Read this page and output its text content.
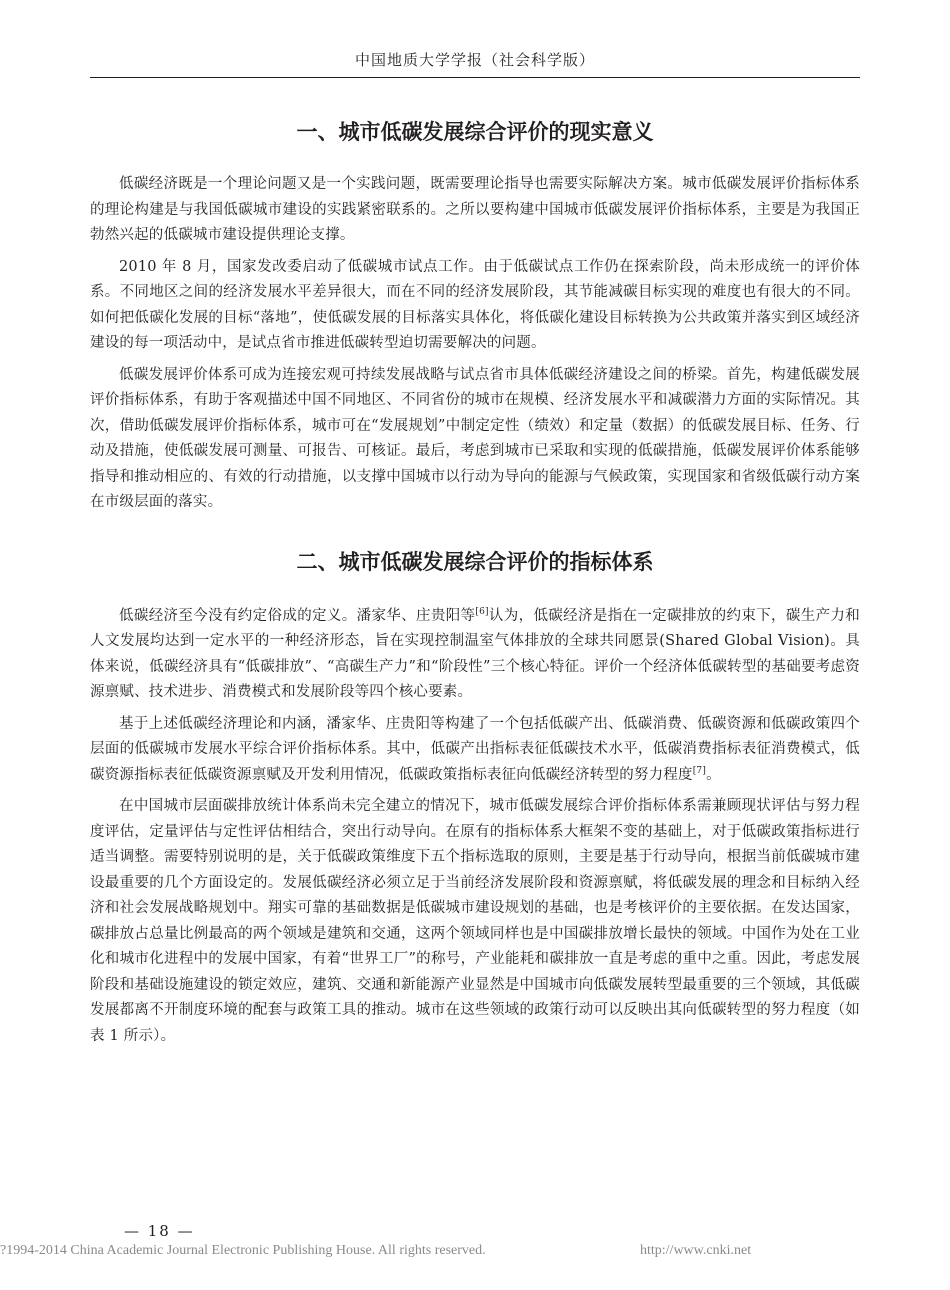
中国地质大学学报（社会科学版）
一、城市低碳发展综合评价的现实意义

低碳经济既是一个理论问题又是一个实践问题，既需要理论指导也需要实际解决方案。城市低碳发展评价指标体系的理论构建是与我国低碳城市建设的实践紧密联系的。之所以要构建中国城市低碳发展评价指标体系，主要是为我国正勃然兴起的低碳城市建设提供理论支撑。

2010 年 8 月，国家发改委启动了低碳城市试点工作。由于低碳试点工作仍在探索阶段，尚未形成统一的评价体系。不同地区之间的经济发展水平差异很大，而在不同的经济发展阶段，其节能减碳目标实现的难度也有很大的不同。如何把低碳化发展的目标“落地”，使低碳发展的目标落实具体化，将低碳化建设目标转换为公共政策并落实到区域经济建设的每一项活动中，是试点省市推进低碳转型迫切需要解决的问题。

低碳发展评价体系可成为连接宏观可持续发展战略与试点省市具体低碳经济建设之间的桥梁。首先，构建低碳发展评价指标体系，有助于客观描述中国不同地区、不同省份的城市在规模、经济发展水平和减碳潜力方面的实际情况。其次，借助低碳发展评价指标体系，城市可在“发展规划”中制定定性（绩效）和定量（数据）的低碳发展目标、任务、行动及措施，使低碳发展可测量、可报告、可核证。最后，考虑到城市已采取和实现的低碳措施，低碳发展评价体系能够指导和推动相应的、有效的行动措施，以支撑中国城市以行动为导向的能源与气候政策，实现国家和省级低碳行动方案在市级层面的落实。

二、城市低碳发展综合评价的指标体系

低碳经济至今没有约定俗成的定义。潘家华、庄贵阳等[6]认为，低碳经济是指在一定碳排放的约束下，碳生产力和人文发展均达到一定水平的一种经济形态，旨在实现控制温室气体排放的全球共同愿景(Shared Global Vision)。具体来说，低碳经济具有“低碳排放”、“高碳生产力”和“阶段性”三个核心特征。评价一个经济体低碳转型的基础要考虑资源禀赋、技术进步、消费模式和发展阶段等四个核心要素。

基于上述低碳经济理论和内涵，潘家华、庄贵阳等构建了一个包括低碳产出、低碳消费、低碳资源和低碳政策四个层面的低碳城市发展水平综合评价指标体系。其中，低碳产出指标表征低碳技术水平，低碳消费指标表征消费模式，低碳资源指标表征低碳资源禀赋及开发利用情况，低碳政策指标表征向低碳经济转型的努力程度[7]。

在中国城市层面碳排放统计体系尚未完全建立的情况下，城市低碳发展综合评价指标体系需兼顾现状评估与努力程度评估，定量评估与定性评估相结合，突出行动导向。在原有的指标体系大框架不变的基础上，对于低碳政策指标进行适当调整。需要特别说明的是，关于低碳政策维度下五个指标选取的原则，主要是基于行动导向，根据当前低碳城市建设最重要的几个方面设定的。发展低碳经济必须立足于当前经济发展阶段和资源禀赋，将低碳发展的理念和目标纳入经济和社会发展战略规划中。翔实可靠的基础数据是低碳城市建设规划的基础，也是考核评价的主要依据。在发达国家，碳排放占总量比例最高的两个领域是建筑和交通，这两个领域同样也是中国碳排放增长最快的领域。中国作为处在工业化和城市化进程中的发展中国家，有着“世界工厂”的称号，产业能耗和碳排放一直是考虑的重中之重。因此，考虑发展阶段和基础设施建设的锁定效应，建筑、交通和新能源产业显然是中国城市向低碳发展转型最重要的三个领域，其低碳发展都离不开制度环境的配套与政策工具的推动。城市在这些领域的政策行动可以反映出其向低碳转型的努力程度（如表 1 所示）。

— 18 —
?1994-2014 China Academic Journal Electronic Publishing House. All rights reserved.	http://www.cnki.net
